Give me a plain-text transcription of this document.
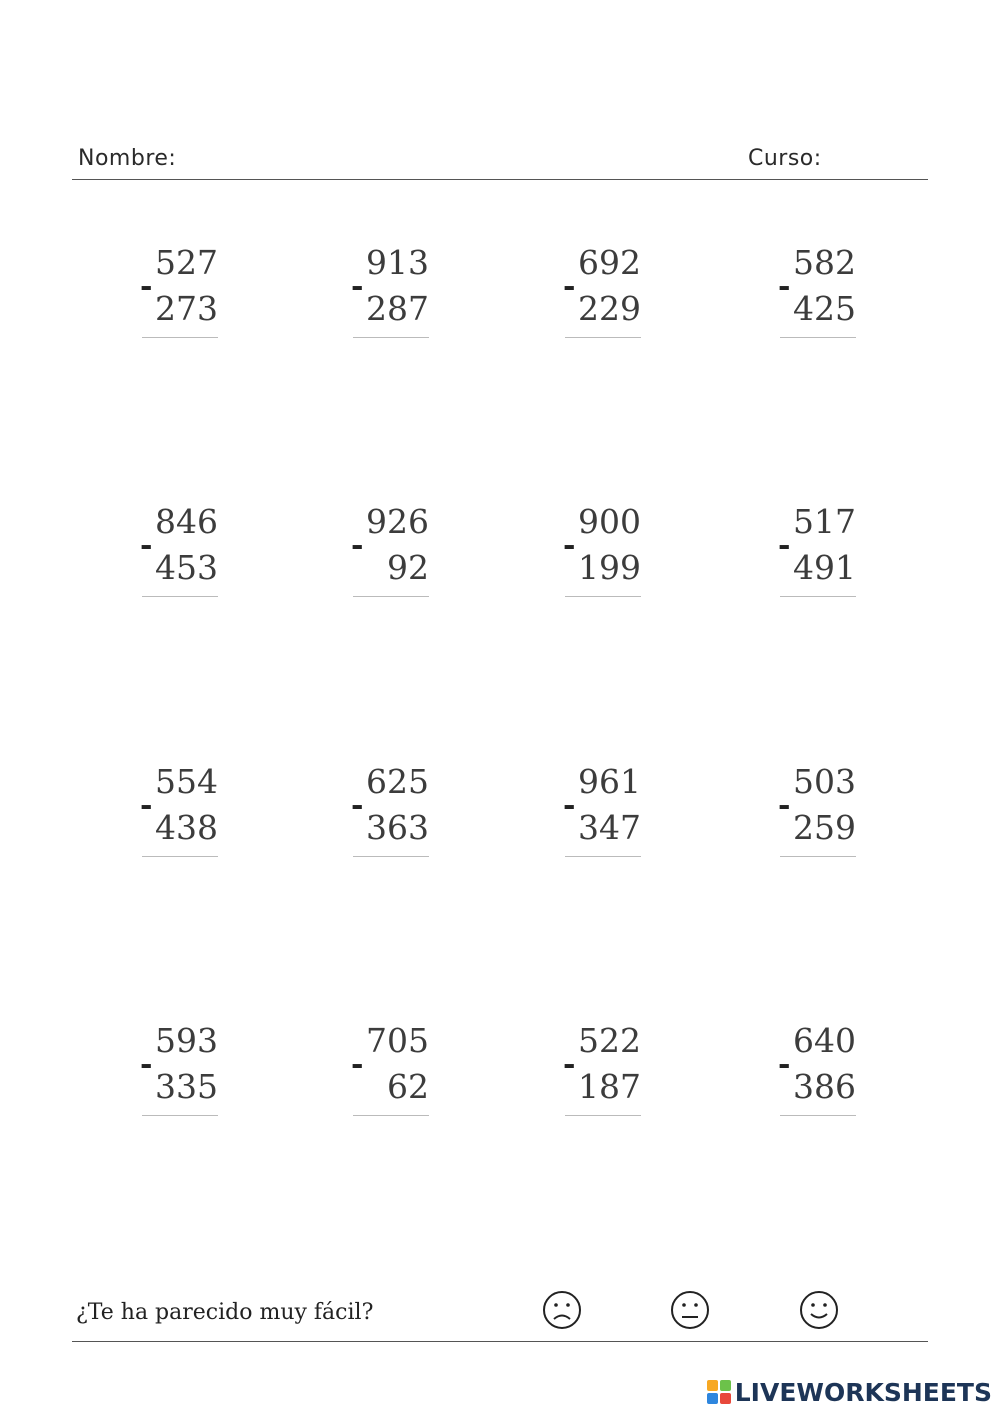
Nombre:	Curso:
527
-
273
913
-
287
692
-
229
582
-
425
846
-
453
926
-
92
900
-
199
517
-
491
554
-
438
625
-
363
961
-
347
503
-
259
593
-
335
705
-
62
522
-
187
640
-
386
¿Te ha parecido muy fácil?
LIVEWORKSHEETS
